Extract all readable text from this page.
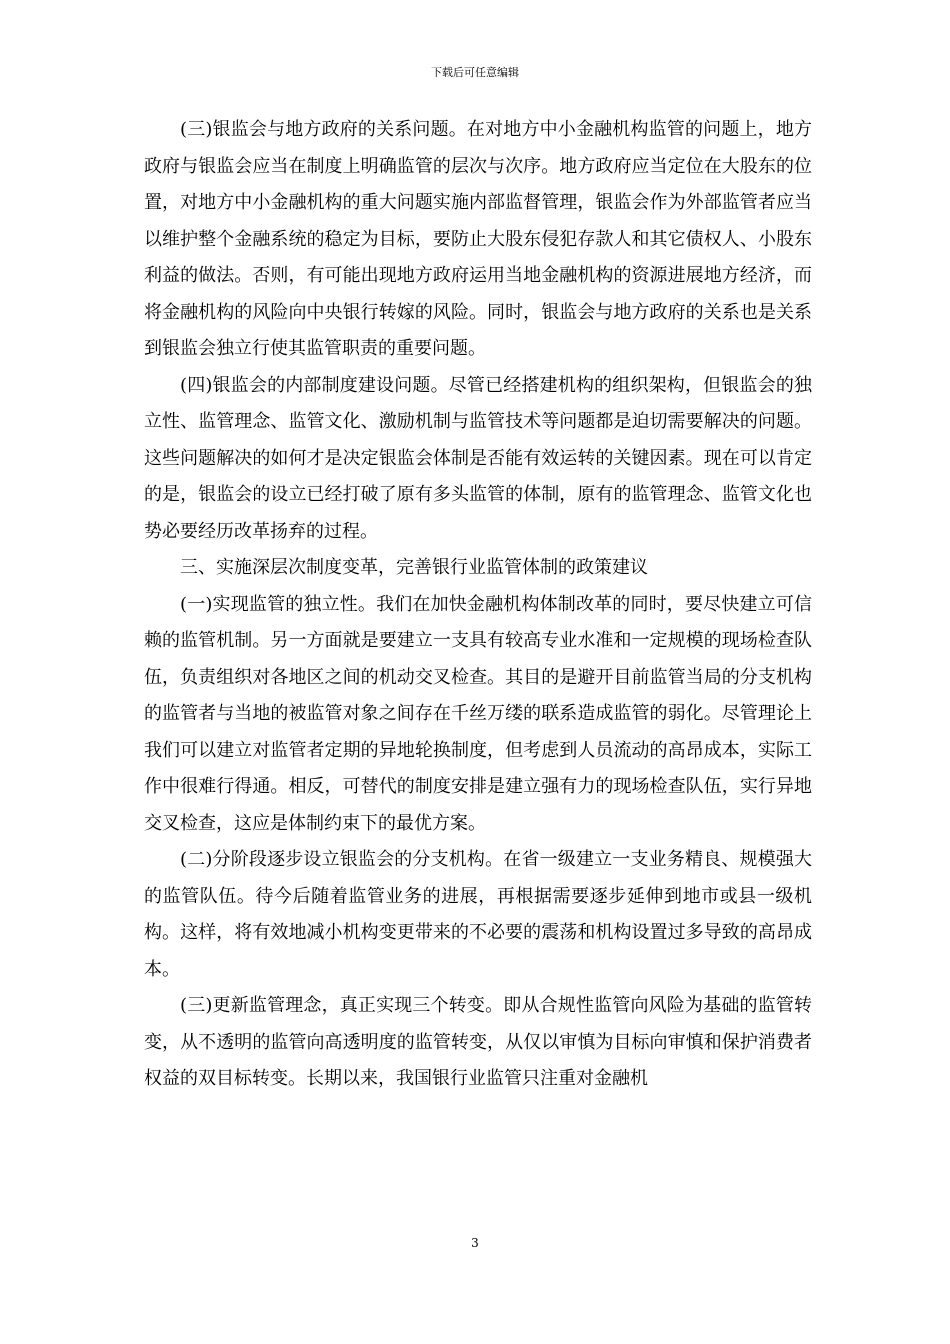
下载后可任意编辑

(三)银监会与地方政府的关系问题。在对地方中小金融机构监管的问题上，地方政府与银监会应当在制度上明确监管的层次与次序。地方政府应当定位在大股东的位置，对地方中小金融机构的重大问题实施内部监督管理，银监会作为外部监管者应当以维护整个金融系统的稳定为目标，要防止大股东侵犯存款人和其它债权人、小股东利益的做法。否则，有可能出现地方政府运用当地金融机构的资源进展地方经济，而将金融机构的风险向中央银行转嫁的风险。同时，银监会与地方政府的关系也是关系到银监会独立行使其监管职责的重要问题。

(四)银监会的内部制度建设问题。尽管已经搭建机构的组织架构，但银监会的独立性、监管理念、监管文化、激励机制与监管技术等问题都是迫切需要解决的问题。这些问题解决的如何才是决定银监会体制是否能有效运转的关键因素。现在可以肯定的是，银监会的设立已经打破了原有多头监管的体制，原有的监管理念、监管文化也势必要经历改革扬弃的过程。

三、实施深层次制度变革，完善银行业监管体制的政策建议

(一)实现监管的独立性。我们在加快金融机构体制改革的同时，要尽快建立可信赖的监管机制。另一方面就是要建立一支具有较高专业水准和一定规模的现场检查队伍，负责组织对各地区之间的机动交叉检查。其目的是避开目前监管当局的分支机构的监管者与当地的被监管对象之间存在千丝万缕的联系造成监管的弱化。尽管理论上我们可以建立对监管者定期的异地轮换制度，但考虑到人员流动的高昂成本，实际工作中很难行得通。相反，可替代的制度安排是建立强有力的现场检查队伍，实行异地交叉检查，这应是体制约束下的最优方案。

(二)分阶段逐步设立银监会的分支机构。在省一级建立一支业务精良、规模强大的监管队伍。待今后随着监管业务的进展，再根据需要逐步延伸到地市或县一级机构。这样，将有效地减小机构变更带来的不必要的震荡和机构设置过多导致的高昂成本。

(三)更新监管理念，真正实现三个转变。即从合规性监管向风险为基础的监管转变，从不透明的监管向高透明度的监管转变，从仅以审慎为目标向审慎和保护消费者权益的双目标转变。长期以来，我国银行业监管只注重对金融机

3
